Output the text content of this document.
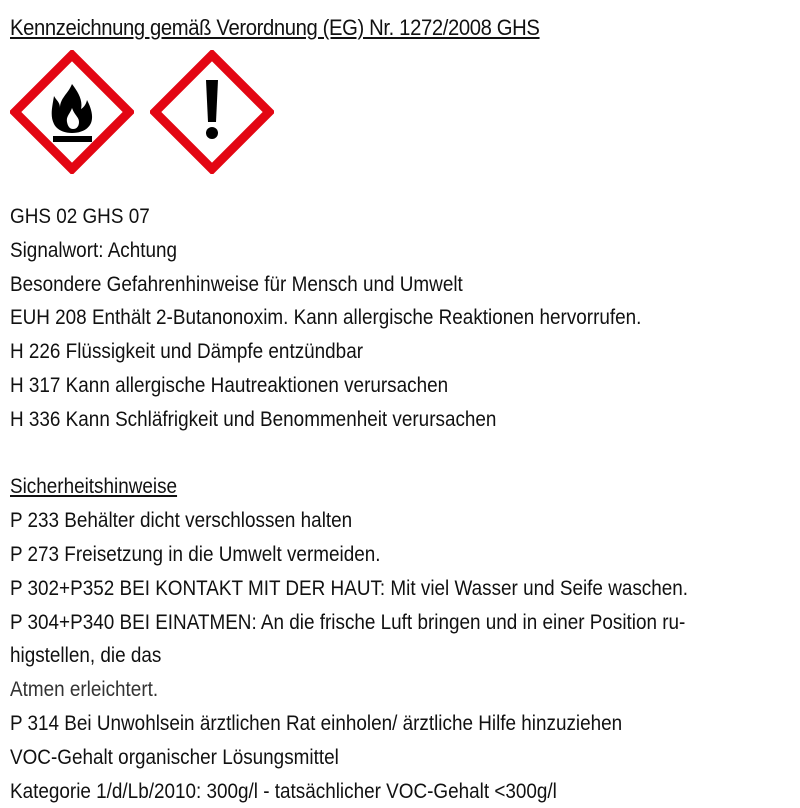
Kennzeichnung gemäß Verordnung (EG) Nr. 1272/2008 GHS
GHS 02 GHS 07
Signalwort: Achtung
Besondere Gefahrenhinweise für Mensch und Umwelt
EUH 208 Enthält 2-Butanonoxim. Kann allergische Reaktionen hervorrufen.
H 226 Flüssigkeit und Dämpfe entzündbar
H 317 Kann allergische Hautreaktionen verursachen
H 336 Kann Schläfrigkeit und Benommenheit verursachen
Sicherheitshinweise
P 233 Behälter dicht verschlossen halten
P 273 Freisetzung in die Umwelt vermeiden.
P 302+P352 BEI KONTAKT MIT DER HAUT: Mit viel Wasser und Seife waschen.
P 304+P340 BEI EINATMEN: An die frische Luft bringen und in einer Position ru-
higstellen, die das
Atmen erleichtert.
P 314 Bei Unwohlsein ärztlichen Rat einholen/ ärztliche Hilfe hinzuziehen
VOC-Gehalt organischer Lösungsmittel
Kategorie 1/d/Lb/2010: 300g/l - tatsächlicher VOC-Gehalt <300g/l
